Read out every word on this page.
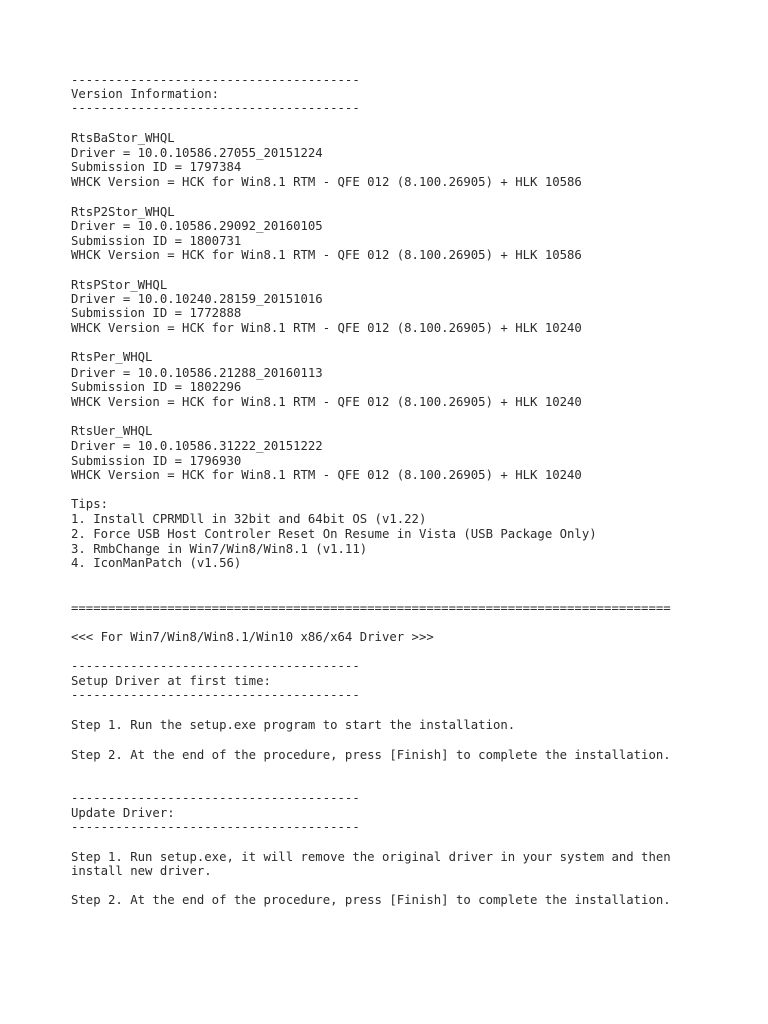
---------------------------------------

Version Information:

---------------------------------------

RtsBaStor_WHQL

Driver = 10.0.10586.27055_20151224

Submission ID = 1797384

WHCK Version = HCK for Win8.1 RTM - QFE 012 (8.100.26905) + HLK 10586

RtsP2Stor_WHQL

Driver = 10.0.10586.29092_20160105

Submission ID = 1800731

WHCK Version = HCK for Win8.1 RTM - QFE 012 (8.100.26905) + HLK 10586

RtsPStor_WHQL

Driver = 10.0.10240.28159_20151016

Submission ID = 1772888

WHCK Version = HCK for Win8.1 RTM - QFE 012 (8.100.26905) + HLK 10240

RtsPer_WHQL

Driver = 10.0.10586.21288_20160113

Submission ID = 1802296

WHCK Version = HCK for Win8.1 RTM - QFE 012 (8.100.26905) + HLK 10240

RtsUer_WHQL

Driver = 10.0.10586.31222_20151222

Submission ID = 1796930

WHCK Version = HCK for Win8.1 RTM - QFE 012 (8.100.26905) + HLK 10240

Tips:

1. Install CPRMDll in 32bit and 64bit OS (v1.22)

2. Force USB Host Controler Reset On Resume in Vista (USB Package Only)

3. RmbChange in Win7/Win8/Win8.1 (v1.11)

4. IconManPatch (v1.56)

=================================================================================

<<< For Win7/Win8/Win8.1/Win10 x86/x64 Driver >>>

---------------------------------------

Setup Driver at first time:

---------------------------------------

Step 1. Run the setup.exe program to start the installation.

Step 2. At the end of the procedure, press [Finish] to complete the installation.

---------------------------------------

Update Driver:

---------------------------------------

Step 1. Run setup.exe, it will remove the original driver in your system and then

install new driver.

Step 2. At the end of the procedure, press [Finish] to complete the installation.
